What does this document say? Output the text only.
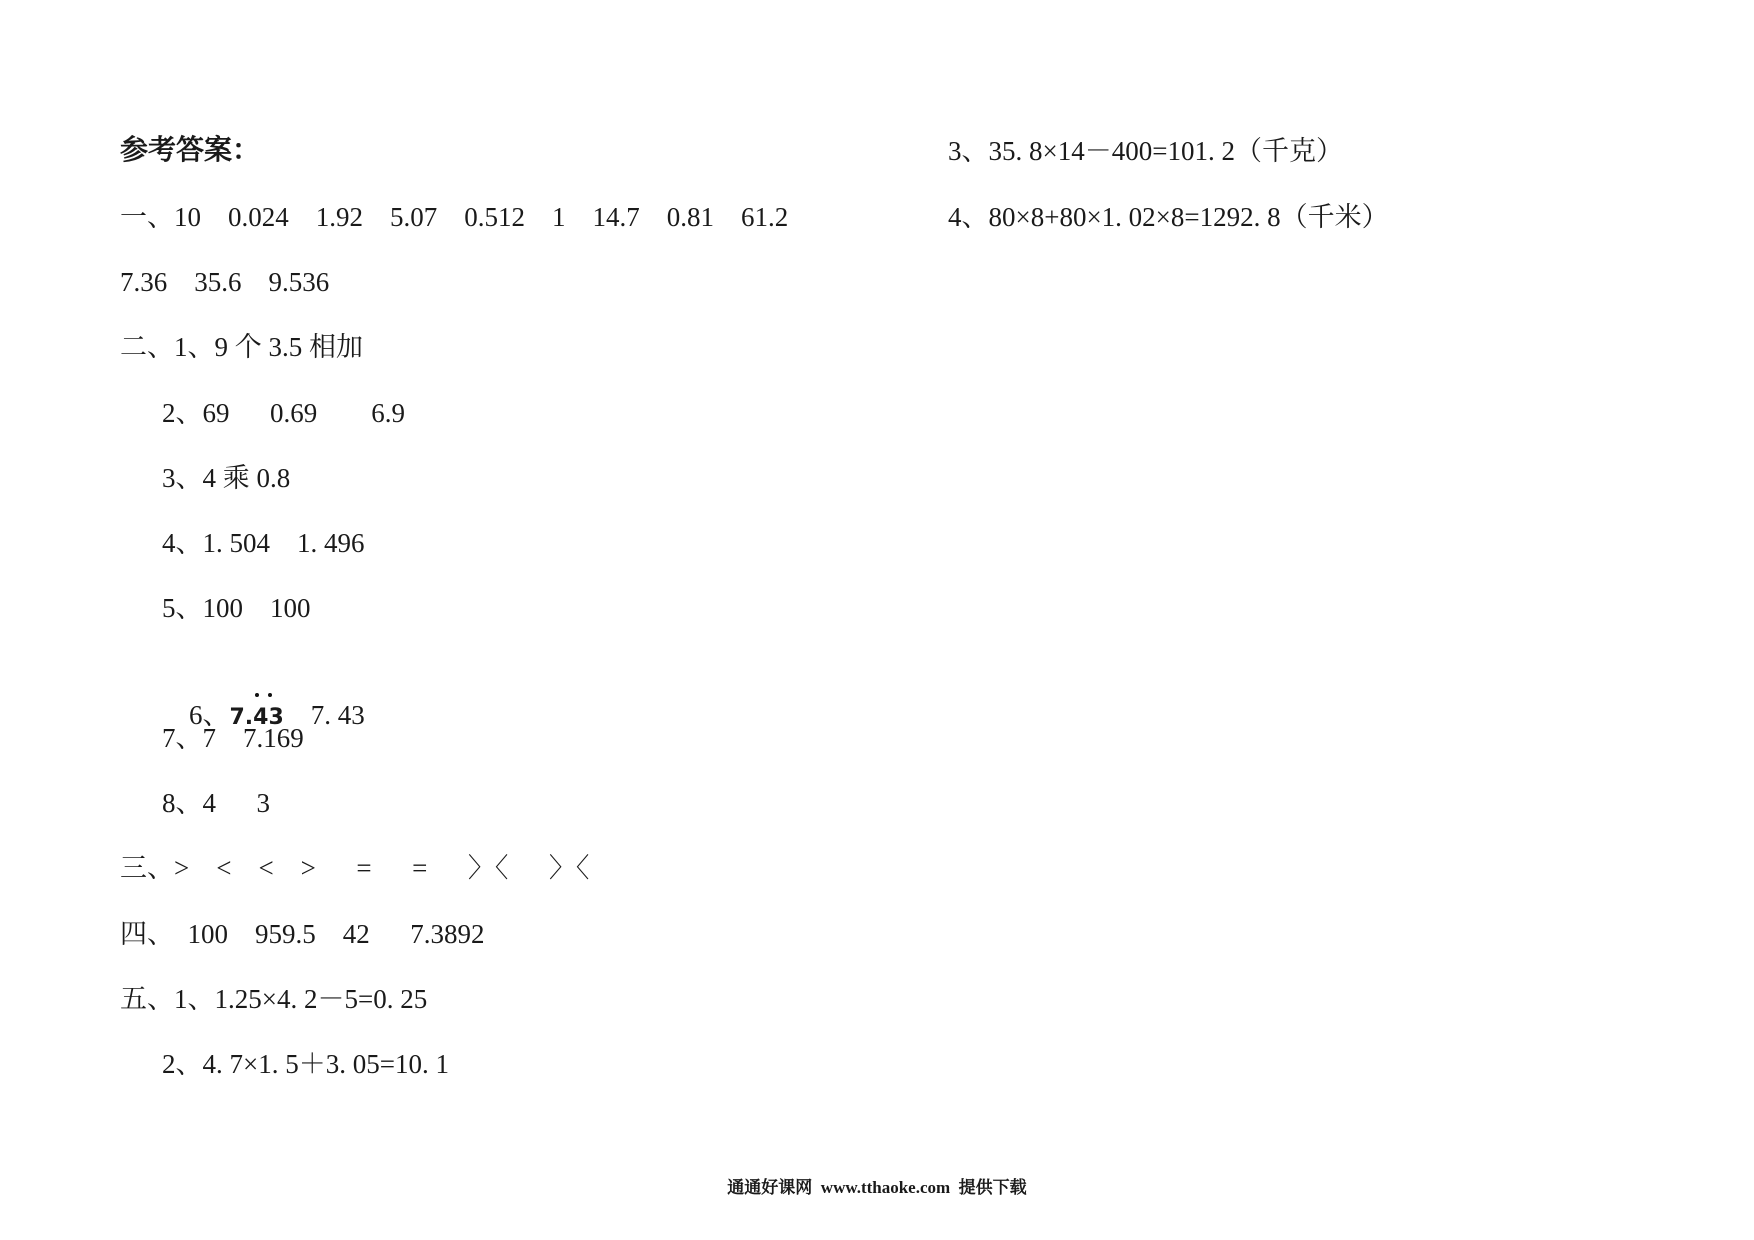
参考答案：
一、10    0.024    1.92    5.07    0.512    1    14.7    0.81    61.2
7.36    35.6    9.536
二、1、9 个 3.5 相加
2、69      0.69        6.9
3、4 乘 0.8
4、1. 504    1. 496
5、100    100

6、
7.43    7. 43

7、7    7.169
8、4      3
三、>    <    <    >      =      =      〉〈      〉〈
四、  100    959.5    42      7.3892
五、1、1.25×4. 2－5=0. 25
2、4. 7×1. 5＋3. 05=10. 1
3、35. 8×14－400=101. 2（千克）
4、80×8+80×1. 02×8=1292. 8（千米）
通通好课网  www.tthaoke.com  提供下载
